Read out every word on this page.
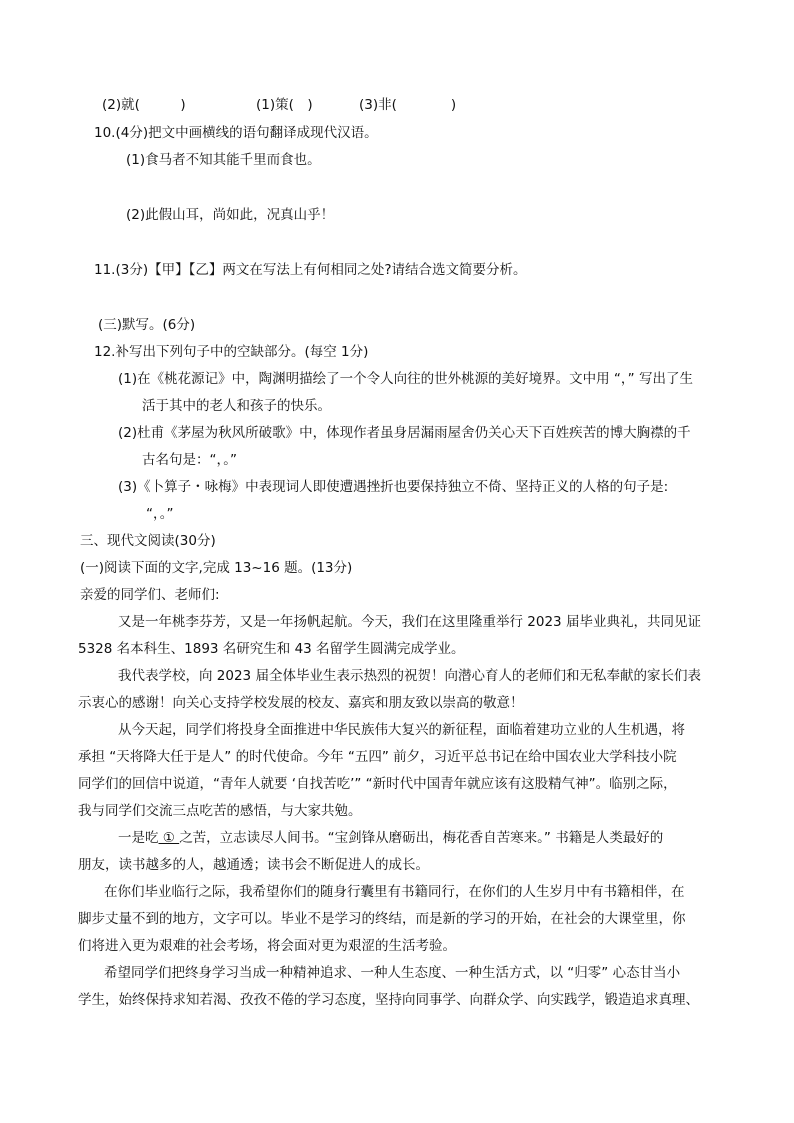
(2)就(　　　)	(1)策(　)	(3)非(　　　　)

10.(4分)把文中画横线的语句翻译成现代汉语。

(1)食马者不知其能千里而食也。

(2)此假山耳，尚如此，况真山乎！

11.(3分)【甲】【乙】两文在写法上有何相同之处?请结合选文简要分析。

(三)默写。(6分)

12.补写出下列句子中的空缺部分。(每空 1分)

(1)在《桃花源记》中，陶渊明描绘了一个令人向往的世外桃源的美好境界。文中用 “，” 写出了生

活于其中的老人和孩子的快乐。

(2)杜甫《茅屋为秋风所破歌》中，体现作者虽身居漏雨屋舍仍关心天下百姓疾苦的博大胸襟的千

古名句是：“，。”

(3)《卜算子・咏梅》中表现词人即使遭遇挫折也要保持独立不倚、坚持正义的人格的句子是:

“，。”

三、现代文阅读(30分)

(一)阅读下面的文字,完成 13~16 题。(13分)

亲爱的同学们、老师们:

又是一年桃李芬芳，又是一年扬帆起航。今天，我们在这里隆重举行 2023 届毕业典礼，共同见证

5328 名本科生、1893 名研究生和 43 名留学生圆满完成学业。

我代表学校，向 2023 届全体毕业生表示热烈的祝贺！向潜心育人的老师们和无私奉献的家长们表

示衷心的感谢！向关心支持学校发展的校友、嘉宾和朋友致以崇高的敬意！

从今天起，同学们将投身全面推进中华民族伟大复兴的新征程，面临着建功立业的人生机遇，将

承担 “天将降大任于是人” 的时代使命。今年 “五四” 前夕，习近平总书记在给中国农业大学科技小院

同学们的回信中说道，“青年人就要 ‘自找苦吃’” “新时代中国青年就应该有这股精气神”。临别之际，

我与同学们交流三点吃苦的感悟，与大家共勉。

一是吃 ① 之苦，立志读尽人间书。“宝剑锋从磨砺出，梅花香自苦寒来。” 书籍是人类最好的

朋友，读书越多的人，越通透；读书会不断促进人的成长。

在你们毕业临行之际，我希望你们的随身行囊里有书籍同行，在你们的人生岁月中有书籍相伴，在

脚步丈量不到的地方，文字可以。毕业不是学习的终结，而是新的学习的开始，在社会的大课堂里，你

们将进入更为艰难的社会考场，将会面对更为艰涩的生活考验。

希望同学们把终身学习当成一种精神追求、一种人生态度、一种生活方式，以 “归零” 心态甘当小

学生，始终保持求知若渴、孜孜不倦的学习态度，坚持向同事学、向群众学、向实践学，锻造追求真理、
